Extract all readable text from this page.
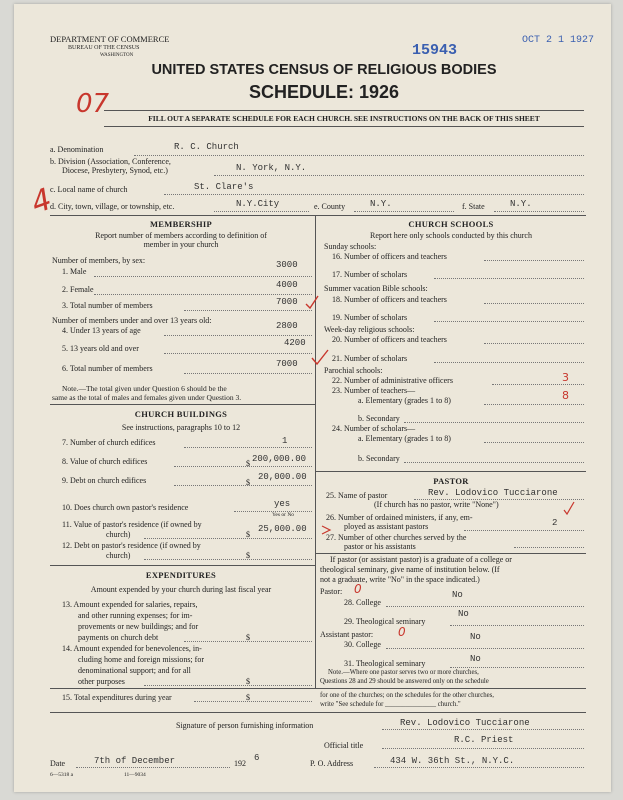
DEPARTMENT OF COMMERCE
BUREAU OF THE CENSUS
WASHINGTON	15943
OCT 2 1 1927
UNITED STATES CENSUS OF RELIGIOUS BODIES
SCHEDULE: 1926
07
4
FILL OUT A SEPARATE SCHEDULE FOR EACH CHURCH. SEE INSTRUCTIONS ON THE BACK OF THIS SHEET
a. Denomination	R. C. Church
b. Division (Association, Conference,
Diocese, Presbytery, Synod, etc.)	N. York, N.Y.
c. Local name of church	St. Clare's
d. City, town, village, or township, etc.	N.Y.City	e. County	N.Y.	f. State	N.Y.
MEMBERSHIP
Report number of members according to definition of
member in your church
Number of members, by sex:
1. Male
3000
2. Female	4000
3. Total number of members	7000
Number of members under and over 13 years old:
4. Under 13 years of age	2800
5. 13 years old and over
4200
6. Total number of members	7000
Note.—The total given under Question 6 should be the
same as the total of males and females given under Question 3.
CHURCH BUILDINGS
See instructions, paragraphs 10 to 12
7. Number of church edifices	1
8. Value of church edifices	$ 200,000.00
9. Debt on church edifices	$
20,000.00
10. Does church own pastor's residence	yes
Yes or No
11. Value of pastor's residence (if owned by
church)	$
25,000.00
12. Debt on pastor's residence (if owned by
church)	$
EXPENDITURES
Amount expended by your church during last fiscal year
13. Amount expended for salaries, repairs,
and other running expenses; for im-
provements or new buildings; and for
payments on church debt	$
14. Amount expended for benevolences, in-
cluding home and foreign missions; for
denominational support; and for all
other purposes	$
CHURCH SCHOOLS
Report here only schools conducted by this church
Sunday schools:
16. Number of officers and teachers
17. Number of scholars
Summer vacation Bible schools:
18. Number of officers and teachers
19. Number of scholars
Week-day religious schools:
20. Number of officers and teachers
21. Number of scholars
Parochial schools:
22. Number of administrative officers	3
23. Number of teachers—
a. Elementary (grades 1 to 8)	8
b. Secondary
24. Number of scholars—
a. Elementary (grades 1 to 8)
b. Secondary
PASTOR
25. Name of pastor	Rev. Lodovico Tucciarone
(If church has no pastor, write "None")
26. Number of ordained ministers, if any, em-
ployed as assistant pastors	2
27. Number of other churches served by the
pastor or his assistants
If pastor (or assistant pastor) is a graduate of a college or
theological seminary, give name of institution below. (If
not a graduate, write "No" in the space indicated.)
Pastor: 0
28. College
No
29. Theological seminary
No
Assistant pastor: 0
30. College
No
31. Theological seminary	No
Note.—Where one pastor serves two or more churches,
Questions 28 and 29 should be answered only on the schedule
15. Total expenditures during year	$	for one of the churches; on the schedules for the other churches,
write "See schedule for _______________ church."
Signature of person furnishing information	Rev. Lodovico Tucciarone
Official title
R.C. Priest
Date	7th of December	192
6
P. O. Address	434 W. 36th St., N.Y.C.
6—5318 a	11—9034
